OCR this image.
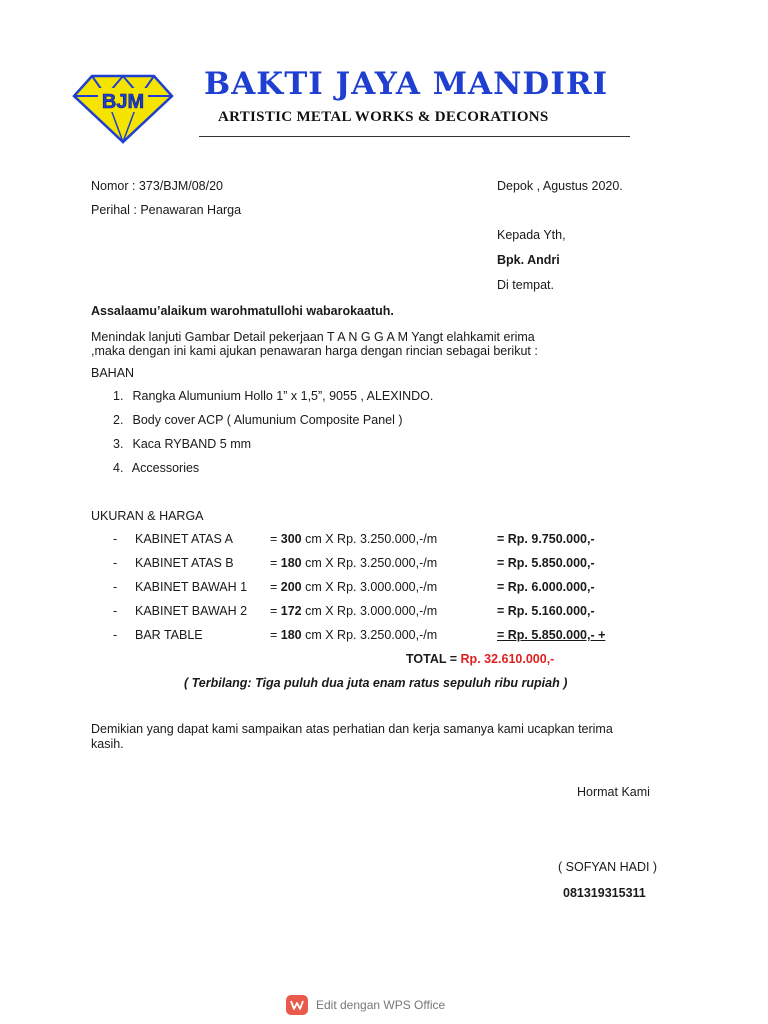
BJM BAKTI JAYA MANDIRI
ARTISTIC METAL WORKS & DECORATIONS
Nomor : 373/BJM/08/20	Depok , Agustus 2020.
Perihal : Penawaran Harga
Kepada Yth,
Bpk. Andri
Di tempat.
Assalaamu’alaikum warohmatullohi wabarokaatuh.
Menindak lanjuti Gambar Detail pekerjaan T A N G G A M Yangt elahkamit erima
,maka dengan ini kami ajukan penawaran harga dengan rincian sebagai berikut :
BAHAN
1. Rangka Alumunium Hollo 1” x 1,5”, 9055 , ALEXINDO.
2. Body cover ACP ( Alumunium Composite Panel )
3. Kaca RYBAND 5 mm
4. Accessories
UKURAN & HARGA
- KABINET ATAS A	= 300 cm X Rp. 3.250.000,-/m	= Rp. 9.750.000,-
- KABINET ATAS B	= 180 cm X Rp. 3.250.000,-/m	= Rp. 5.850.000,-
- KABINET BAWAH 1 = 200 cm X Rp. 3.000.000,-/m	= Rp. 6.000.000,-
- KABINET BAWAH 2 = 172 cm X Rp. 3.000.000,-/m	= Rp. 5.160.000,-
- BAR TABLE	= 180 cm X Rp. 3.250.000,-/m	= Rp. 5.850.000,- +
TOTAL = Rp. 32.610.000,-
( Terbilang: Tiga puluh dua juta enam ratus sepuluh ribu rupiah )
Demikian yang dapat kami sampaikan atas perhatian dan kerja samanya kami ucapkan terima
kasih.
Hormat Kami
( SOFYAN HADI )
081319315311
Edit dengan WPS Office
